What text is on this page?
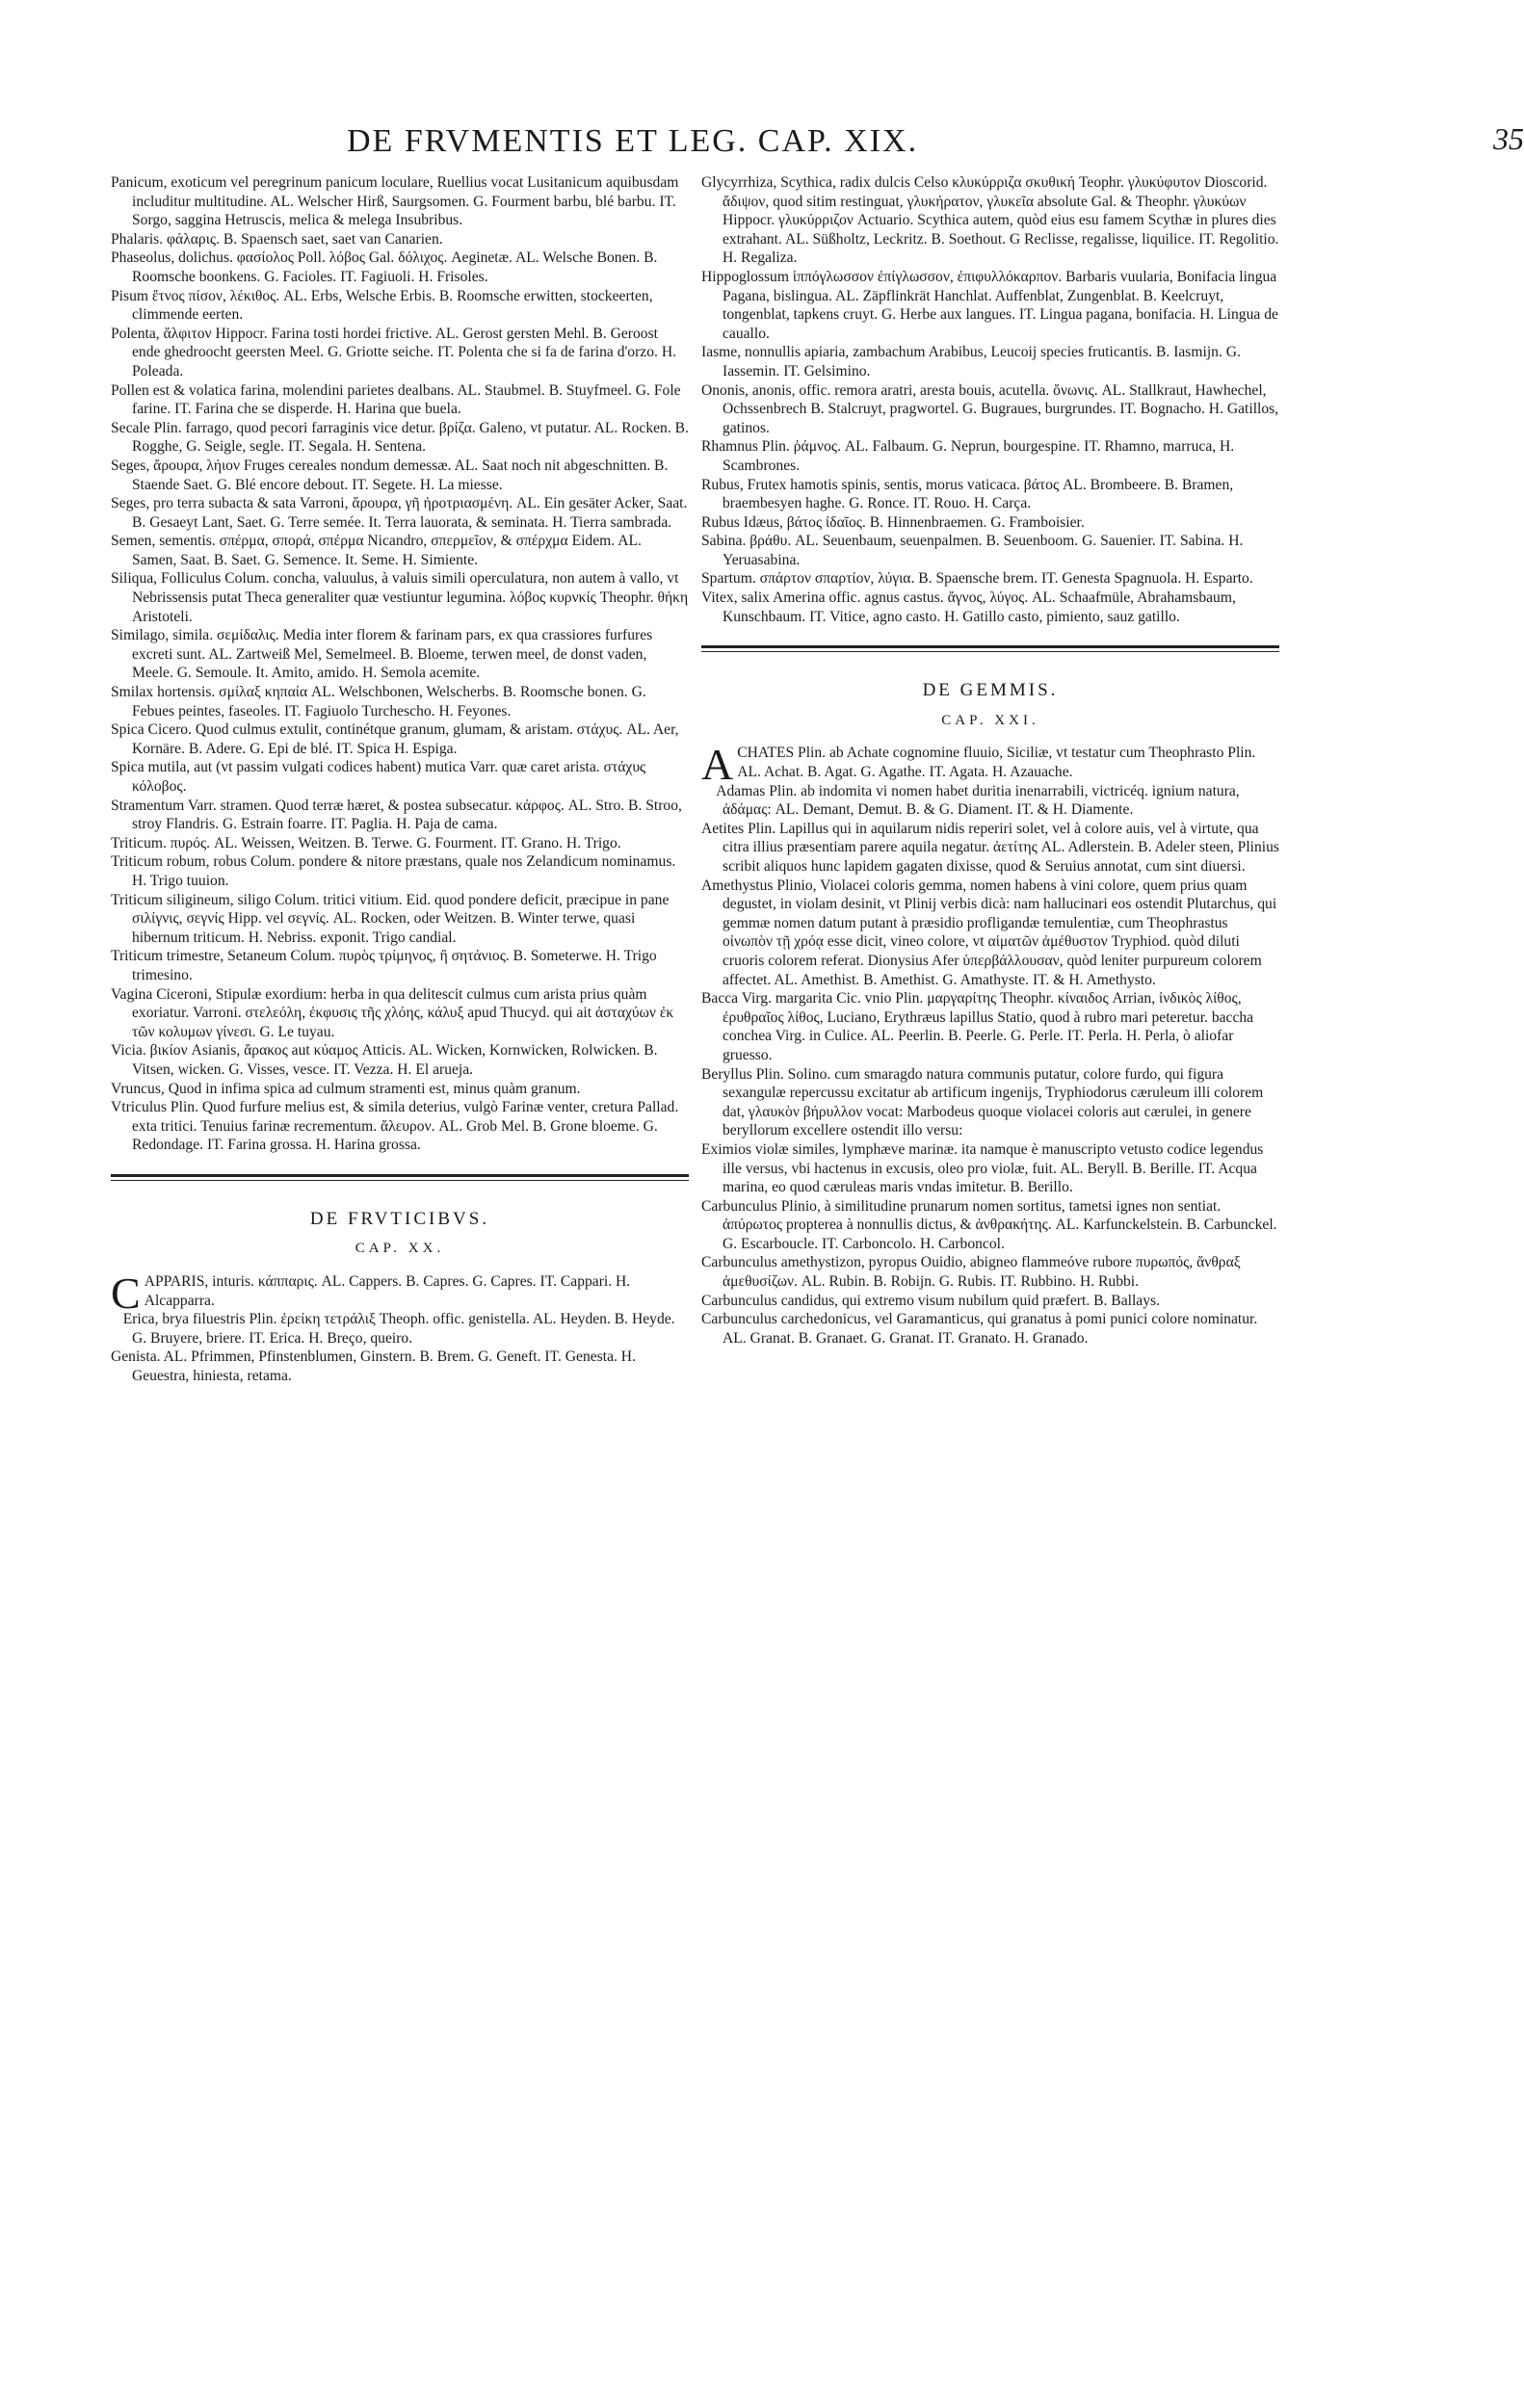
DE FRVMENTIS ET LEG. CAP. XIX.	35

Panicum, exoticum vel peregrinum panicum loculare, Ruellius vocat Lusitanicum aquibusdam includitur multitudine. AL. Welscher Hirß, Saurgsomen. G. Fourment barbu, blé barbu. IT. Sorgo, saggina Hetruscis, melica & melega Insubribus.

Phalaris. φάλαρις. B. Spaensch saet, saet van Canarien.

Phaseolus, dolichus. φασίολος Poll. λόβος Gal. δόλιχος. Aeginetæ. AL. Welsche Bonen. B. Roomsche boonkens. G. Facioles. IT. Fagiuoli. H. Frisoles.

Pisum ἔτνος πίσον, λέκιθος. AL. Erbs, Welsche Erbis. B. Roomsche erwitten, stockeerten, climmende eerten.

Polenta, ἄλφιτον Hippocr. Farina tosti hordei frictive. AL. Gerost gersten Mehl. B. Geroost ende ghedroocht geersten Meel. G. Griotte seiche. IT. Polenta che si fa de farina d'orzo. H. Poleada.

Pollen est & volatica farina, molendini parietes dealbans. AL. Staubmel. B. Stuyfmeel. G. Fole farine. IT. Farina che se disperde. H. Harina que buela.

Secale Plin. farrago, quod pecori farraginis vice detur. βρίζα. Galeno, vt putatur. AL. Rocken. B. Rogghe, G. Seigle, segle. IT. Segala. H. Sentena.

Seges, ἄρουρα, λήιον Fruges cereales nondum demessæ. AL. Saat noch nit abgeschnitten. B. Staende Saet. G. Blé encore debout. IT. Segete. H. La miesse.

Seges, pro terra subacta & sata Varroni, ἄρουρα, γῆ ἠροτριασμένη. AL. Ein gesäter Acker, Saat. B. Gesaeyt Lant, Saet. G. Terre semée. It. Terra lauorata, & seminata. H. Tierra sambrada.

Semen, sementis. σπέρμα, σπορά, σπέρμα Nicandro, σπερμεῖον, & σπέρχμα Eidem. AL. Samen, Saat. B. Saet. G. Semence. It. Seme. H. Simiente.

Siliqua, Folliculus Colum. concha, valuulus, à valuis simili operculatura, non autem à vallo, vt Nebrissensis putat Theca generaliter quæ vestiuntur legumina. λόβος κυρνκίς Theophr. θήκη Aristoteli.

Similago, simila. σεμίδαλις. Media inter florem & farinam pars, ex qua crassiores furfures excreti sunt. AL. Zartweiß Mel, Semelmeel. B. Bloeme, terwen meel, de donst vaden, Meele. G. Semoule. It. Amito, amido. H. Semola acemite.

Smilax hortensis. σμίλαξ κηπαία AL. Welschbonen, Welscherbs. B. Roomsche bonen. G. Febues peintes, faseoles. IT. Fagiuolo Turchescho. H. Feyones.

Spica Cicero. Quod culmus extulit, continétque granum, glumam, & aristam. στάχυς. AL. Aer, Kornäre. B. Adere. G. Epi de blé. IT. Spica H. Espiga.

Spica mutila, aut (vt passim vulgati codices habent) mutica Varr. quæ caret arista. στάχυς κόλοβος.

Stramentum Varr. stramen. Quod terræ hæret, & postea subsecatur. κάρφος. AL. Stro. B. Stroo, stroy Flandris. G. Estrain foarre. IT. Paglia. H. Paja de cama.

Triticum. πυρός. AL. Weissen, Weitzen. B. Terwe. G. Fourment. IT. Grano. H. Trigo.

Triticum robum, robus Colum. pondere & nitore præstans, quale nos Zelandicum nominamus. H. Trigo tuuion.

Triticum siligineum, siligo Colum. tritici vitium. Eid. quod pondere deficit, præcipue in pane σιλίγνις, σεγνίς Hipp. vel σεγνίς. AL. Rocken, oder Weitzen. B. Winter terwe, quasi hibernum triticum. H. Nebriss. exponit. Trigo candial.

Triticum trimestre, Setaneum Colum. πυρὸς τρίμηνος, ἢ σητάνιος. B. Someterwe. H. Trigo trimesino.

Vagina Ciceroni, Stipulæ exordium: herba in qua delitescit culmus cum arista prius quàm exoriatur. Varroni. στελεόλη, ἐκφυσις τῆς χλόης, κάλυξ apud Thucyd. qui ait ἀσταχύων ἐκ τῶν κολυμων γίνεσι. G. Le tuyau.

Vicia. βικίον Asianis, ἄρακος aut κύαμος Atticis. AL. Wicken, Kornwicken, Rolwicken. B. Vitsen, wicken. G. Visses, vesce. IT. Vezza. H. El arueja.

Vruncus, Quod in infima spica ad culmum stramenti est, minus quàm granum.

Vtriculus Plin. Quod furfure melius est, & simila deterius, vulgò Farinæ venter, cretura Pallad. exta tritici. Tenuius farinæ recrementum. ἄλευρον. AL. Grob Mel. B. Grone bloeme. G. Redondage. IT. Farina grossa. H. Harina grossa.

DE FRVTICIBVS.
CAP. XX.

CAPPARIS, inturis. κάππαρις. AL. Cappers. B. Capres. G. Capres. IT. Cappari. H. Alcapparra.

Erica, brya filuestris Plin. ἐρείκη τετράλιξ Theoph. offic. genistella. AL. Heyden. B. Heyde. G. Bruyere, briere. IT. Erica. H. Breço, queiro.

Genista. AL. Pfrimmen, Pfinstenblumen, Ginstern. B. Brem. G. Geneft. IT. Genesta. H. Geuestra, hiniesta, retama.

Glycyrrhiza, Scythica, radix dulcis Celso κλυκύρριζα σκυθική Teophr. γλυκύφυτον Dioscorid. ἄδιψον, quod sitim restinguat, γλυκήρατον, γλυκεῖα absolute Gal. & Theophr. γλυκύων Hippocr. γλυκύρριζον Actuario. Scythica autem, quòd eius esu famem Scythæ in plures dies extrahant. AL. Süßholtz, Leckritz. B. Soethout. G Reclisse, regalisse, liquilice. IT. Regolitio. H. Regaliza.

Hippoglossum ἱππόγλωσσον ἐπίγλωσσον, ἐπιφυλλόκαρπον. Barbaris vuularia, Bonifacia lingua Pagana, bislingua. AL. Zäpflinkrät Hanchlat. Auffenblat, Zungenblat. B. Keelcruyt, tongenblat, tapkens cruyt. G. Herbe aux langues. IT. Lingua pagana, bonifacia. H. Lingua de cauallo.

Iasme, nonnullis apiaria, zambachum Arabibus, Leucoij species fruticantis. B. Iasmijn. G. Iassemin. IT. Gelsimino.

Ononis, anonis, offic. remora aratri, aresta bouis, acutella. ὄνωνις. AL. Stallkraut, Hawhechel, Ochssenbrech B. Stalcruyt, pragwortel. G. Bugraues, burgrundes. IT. Bognacho. H. Gatillos, gatinos.

Rhamnus Plin. ῥάμνος. AL. Falbaum. G. Neprun, bourgespine. IT. Rhamno, marruca, H. Scambrones.

Rubus, Frutex hamotis spinis, sentis, morus vaticaca. βάτος AL. Brombeere. B. Bramen, braembesyen haghe. G. Ronce. IT. Rouo. H. Carça.

Rubus Idæus, βάτος ἰδαῖος. B. Hinnenbraemen. G. Framboisier.

Sabina. βράθυ. AL. Seuenbaum, seuenpalmen. B. Seuenboom. G. Sauenier. IT. Sabina. H. Yeruasabina.

Spartum. σπάρτον σπαρτίον, λύγια. B. Spaensche brem. IT. Genesta Spagnuola. H. Esparto.

Vitex, salix Amerina offic. agnus castus. ἄγνος, λύγος. AL. Schaafmüle, Abrahamsbaum, Kunschbaum. IT. Vitice, agno casto. H. Gatillo casto, pimiento, sauz gatillo.

DE GEMMIS.
CAP. XXI.

ACHATES Plin. ab Achate cognomine fluuio, Siciliæ, vt testatur cum Theophrasto Plin. AL. Achat. B. Agat. G. Agathe. IT. Agata. H. Azauache.

Adamas Plin. ab indomita vi nomen habet duritia inenarrabili, victricéq. ignium natura, ἀδάμας: AL. Demant, Demut. B. & G. Diament. IT. & H. Diamente.

Aetites Plin. Lapillus qui in aquilarum nidis reperiri solet, vel à colore auis, vel à virtute, qua citra illius præsentiam parere aquila negatur. ἀετίτης AL. Adlerstein. B. Adeler steen, Plinius scribit aliquos hunc lapidem gagaten dixisse, quod & Seruius annotat, cum sint diuersi.

Amethystus Plinio, Violacei coloris gemma, nomen habens à vini colore, quem prius quam degustet, in violam desinit, vt Plinij verbis dicà: nam hallucinari eos ostendit Plutarchus, qui gemmæ nomen datum putant à præsidio profligandæ temulentiæ, cum Theophrastus οἰνωπὸν τῇ χρόᾳ esse dicit, vineo colore, vt αἱματῶν ἀμέθυστον Tryphiod. quòd diluti cruoris colorem referat. Dionysius Afer ὑπερβάλλουσαν, quòd leniter purpureum colorem affectet. AL. Amethist. B. Amethist. G. Amathyste. IT. & H. Amethysto.

Bacca Virg. margarita Cic. vnio Plin. μαργαρίτης Theophr. κίναιδος Arrian, ἰνδικὸς λίθος, ἐρυθραῖος λίθος, Luciano, Erythræus lapillus Statio, quod à rubro mari peteretur. baccha conchea Virg. in Culice. AL. Peerlin. B. Peerle. G. Perle. IT. Perla. H. Perla, ò aliofar gruesso.

Beryllus Plin. Solino. cum smaragdo natura communis putatur, colore furdo, qui figura sexangulæ repercussu excitatur ab artificum ingenijs, Tryphiodorus cæruleum illi colorem dat, γλαυκὸν βήρυλλον vocat: Marbodeus quoque violacei coloris aut cærulei, in genere beryllorum excellere ostendit illo versu:

Eximios violæ similes, lymphæve marinæ. ita namque è manuscripto vetusto codice legendus ille versus, vbi hactenus in excusis, oleo pro violæ, fuit. AL. Beryll. B. Berille. IT. Acqua marina, eo quod cæruleas maris vndas imitetur. B. Berillo.

Carbunculus Plinio, à similitudine prunarum nomen sortitus, tametsi ignes non sentiat. ἀπύρωτος propterea à nonnullis dictus, & ἀνθρακήτης. AL. Karfunckelstein. B. Carbunckel. G. Escarboucle. IT. Carboncolo. H. Carboncol.

Carbunculus amethystizon, pyropus Ouidio, abigneo flammeóve rubore πυρωπός, ἄνθραξ ἀμεθυσίζων. AL. Rubin. B. Robijn. G. Rubis. IT. Rubbino. H. Rubbi.

Carbunculus candidus, qui extremo visum nubilum quid præfert. B. Ballays.

Carbunculus carchedonicus, vel Garamanticus, qui granatus à pomi punici colore nominatur. AL. Granat. B. Granaet. G. Granat. IT. Granato. H. Granado.
